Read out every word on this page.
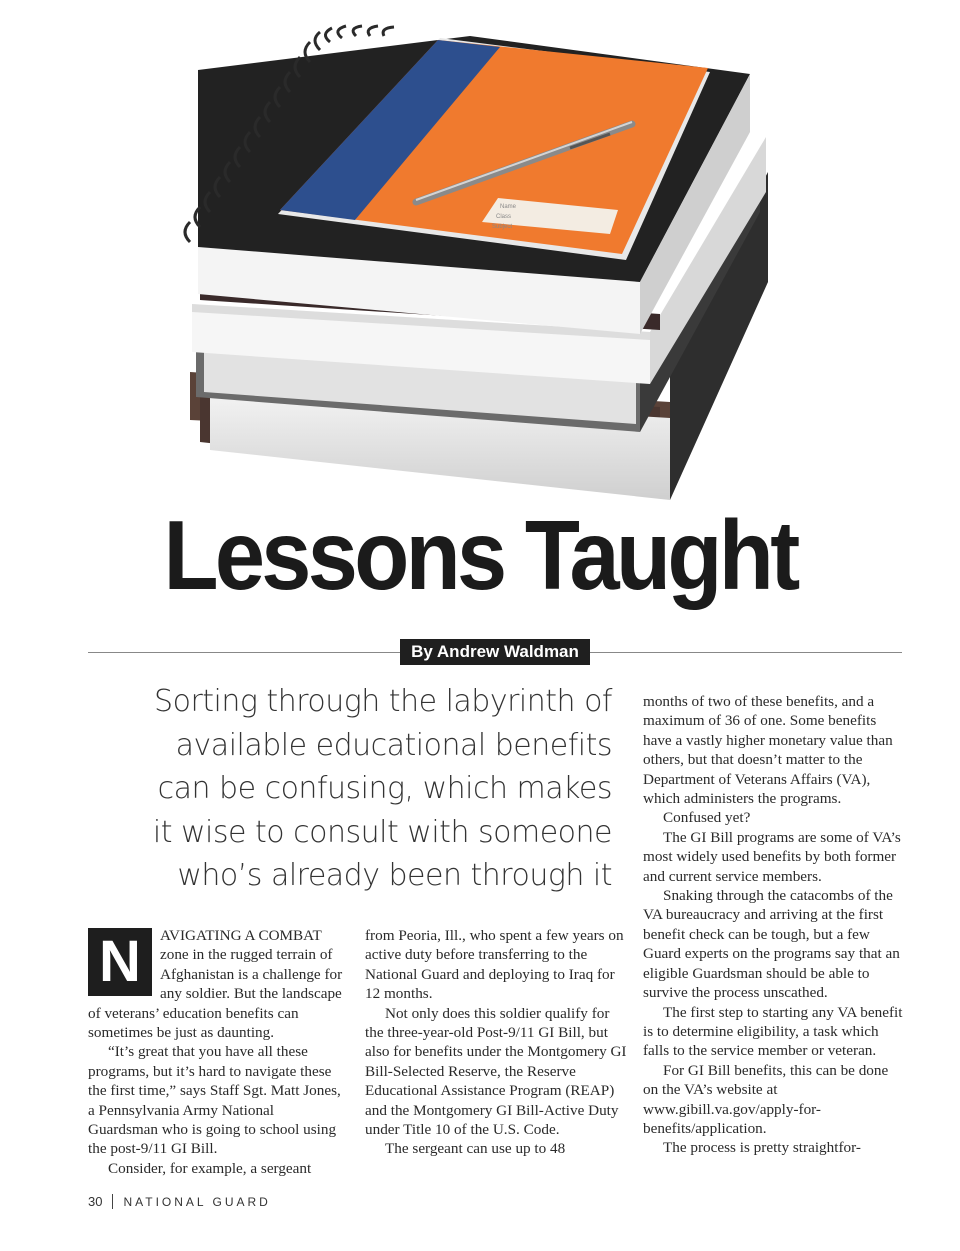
Name
Class
Subject
Lessons Taught
By Andrew Waldman
Sorting through the labyrinth of
available educational benefits
can be confusing, which makes
it wise to consult with someone
who’s already been through it
N	AVIGATING A COMBAT zone in the rugged terrain of Afghanistan is a challenge for any soldier. But the landscape of veterans’ education benefits can sometimes be just as daunting.

“It’s great that you have all these programs, but it’s hard to navigate these the first time,” says Staff Sgt. Matt Jones, a Pennsylvania Army National Guardsman who is going to school using the post-9/11 GI Bill.

Consider, for example, a sergeant

from Peoria, Ill., who spent a few years on active duty before transferring to the National Guard and deploying to Iraq for 12 months.

Not only does this soldier qualify for the three-year-old Post-9/11 GI Bill, but also for benefits under the Montgomery GI Bill-Selected Reserve, the Reserve Educational Assistance Program (REAP) and the Montgomery GI Bill-Active Duty under Title 10 of the U.S. Code.

The sergeant can use up to 48

months of two of these benefits, and a maximum of 36 of one. Some benefits have a vastly higher monetary value than others, but that doesn’t matter to the Department of Veterans Affairs (VA), which administers the programs.

Confused yet?

The GI Bill programs are some of VA’s most widely used benefits by both former and current service members.

Snaking through the catacombs of the VA bureaucracy and arriving at the first benefit check can be tough, but a few Guard experts on the programs say that an eligible Guardsman should be able to survive the process unscathed.

The first step to starting any VA benefit is to determine eligibility, a task which falls to the service member or veteran.

For GI Bill benefits, this can be done on the VA’s website at www.gibill.va.gov/apply-for-benefits/application.

The process is pretty straightfor-

30 NATIONAL GUARD
